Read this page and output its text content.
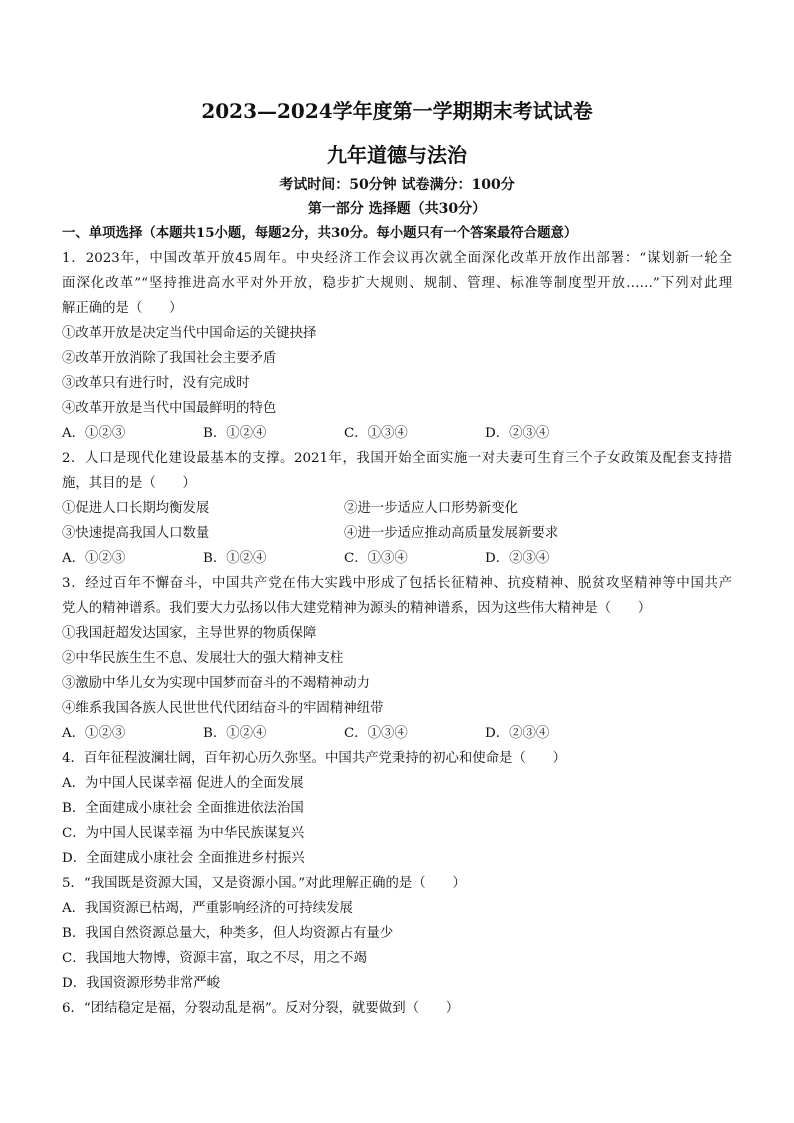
2023—2024学年度第一学期期末考试试卷
九年道德与法治
考试时间：50分钟 试卷满分：100分
第一部分 选择题（共30分）
一、单项选择（本题共15小题，每题2分，共30分。每小题只有一个答案最符合题意）
1．2023年，中国改革开放45周年。中央经济工作会议再次就全面深化改革开放作出部署：“谋划新一轮全
面深化改革”“坚持推进高水平对外开放，稳步扩大规则、规制、管理、标准等制度型开放……”下列对此理
解正确的是（　　）
①改革开放是决定当代中国命运的关键抉择
②改革开放消除了我国社会主要矛盾
③改革只有进行时，没有完成时
④改革开放是当代中国最鲜明的特色
A．①②③	B．①②④	C．①③④	D．②③④
2．人口是现代化建设最基本的支撑。2021年，我国开始全面实施一对夫妻可生育三个子女政策及配套支持措
施，其目的是（　　）
①促进人口长期均衡发展	②进一步适应人口形势新变化
③快速提高我国人口数量	④进一步适应推动高质量发展新要求
A．①②③	B．①②④	C．①③④	D．②③④
3．经过百年不懈奋斗，中国共产党在伟大实践中形成了包括长征精神、抗疫精神、脱贫攻坚精神等中国共产
党人的精神谱系。我们要大力弘扬以伟大建党精神为源头的精神谱系，因为这些伟大精神是（　　）
①我国赶超发达国家，主导世界的物质保障
②中华民族生生不息、发展壮大的强大精神支柱
③激励中华儿女为实现中国梦而奋斗的不竭精神动力
④维系我国各族人民世世代代团结奋斗的牢固精神纽带
A．①②③	B．①②④	C．①③④	D．②③④
4．百年征程波澜壮阔，百年初心历久弥坚。中国共产党秉持的初心和使命是（　　）
A．为中国人民谋幸福 促进人的全面发展
B．全面建成小康社会 全面推进依法治国
C．为中国人民谋幸福 为中华民族谋复兴
D．全面建成小康社会 全面推进乡村振兴
5．“我国既是资源大国，又是资源小国。”对此理解正确的是（　　）
A．我国资源已枯竭，严重影响经济的可持续发展
B．我国自然资源总量大，种类多，但人均资源占有量少
C．我国地大物博，资源丰富，取之不尽，用之不竭
D．我国资源形势非常严峻
6．“团结稳定是福，分裂动乱是祸”。反对分裂，就要做到（　　）
